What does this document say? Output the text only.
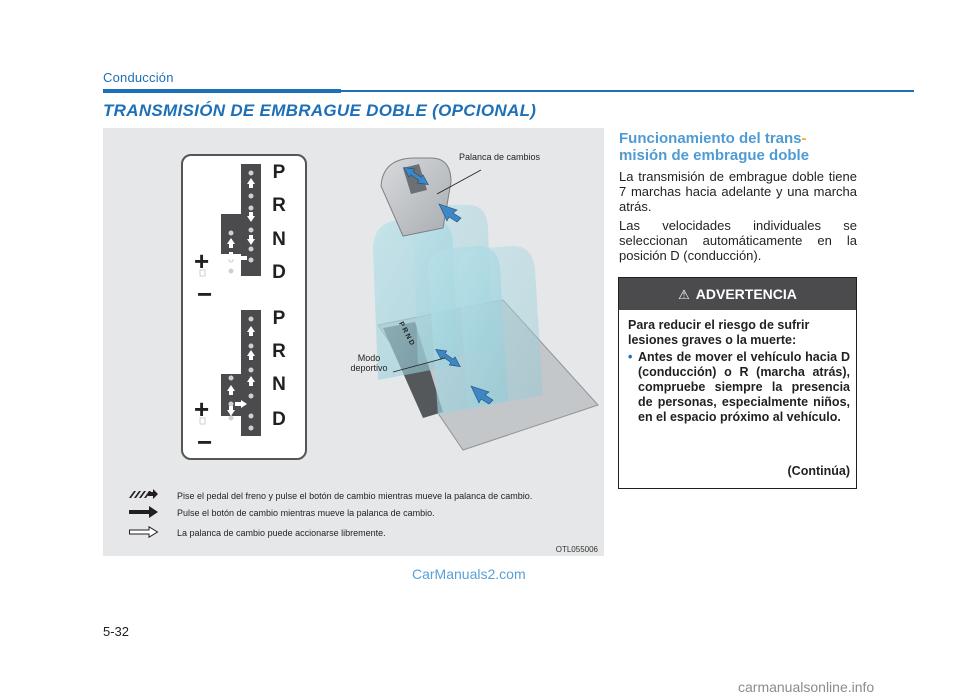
Conducción
TRANSMISIÓN DE EMBRAGUE DOBLE (OPCIONAL)
P
R
N
D
P
R
N
D
+
−
+
−
P R N D
Palanca de cambios
Modo
deportivo
Pise el pedal del freno y pulse el botón de cambio mientras mueve la palanca de cambio.
Pulse el botón de cambio mientras mueve la palanca de cambio.
La palanca de cambio puede accionarse libremente.
OTL055006
Funcionamiento del trans-
misión de embrague doble
La transmisión de embrague doble tiene 7 marchas hacia adelante y una marcha atrás.
Las velocidades individuales se seleccionan automáticamente en la posición D (conducción).
⚠ ADVERTENCIA
Para reducir el riesgo de sufrir lesiones graves o la muerte:
• Antes de mover el vehículo hacia D (conducción) o R (marcha atrás), compruebe siempre la presencia de personas, especialmente niños, en el espacio próximo al vehículo.
(Continúa)
CarManuals2.com
5-32
carmanualsonline.info
